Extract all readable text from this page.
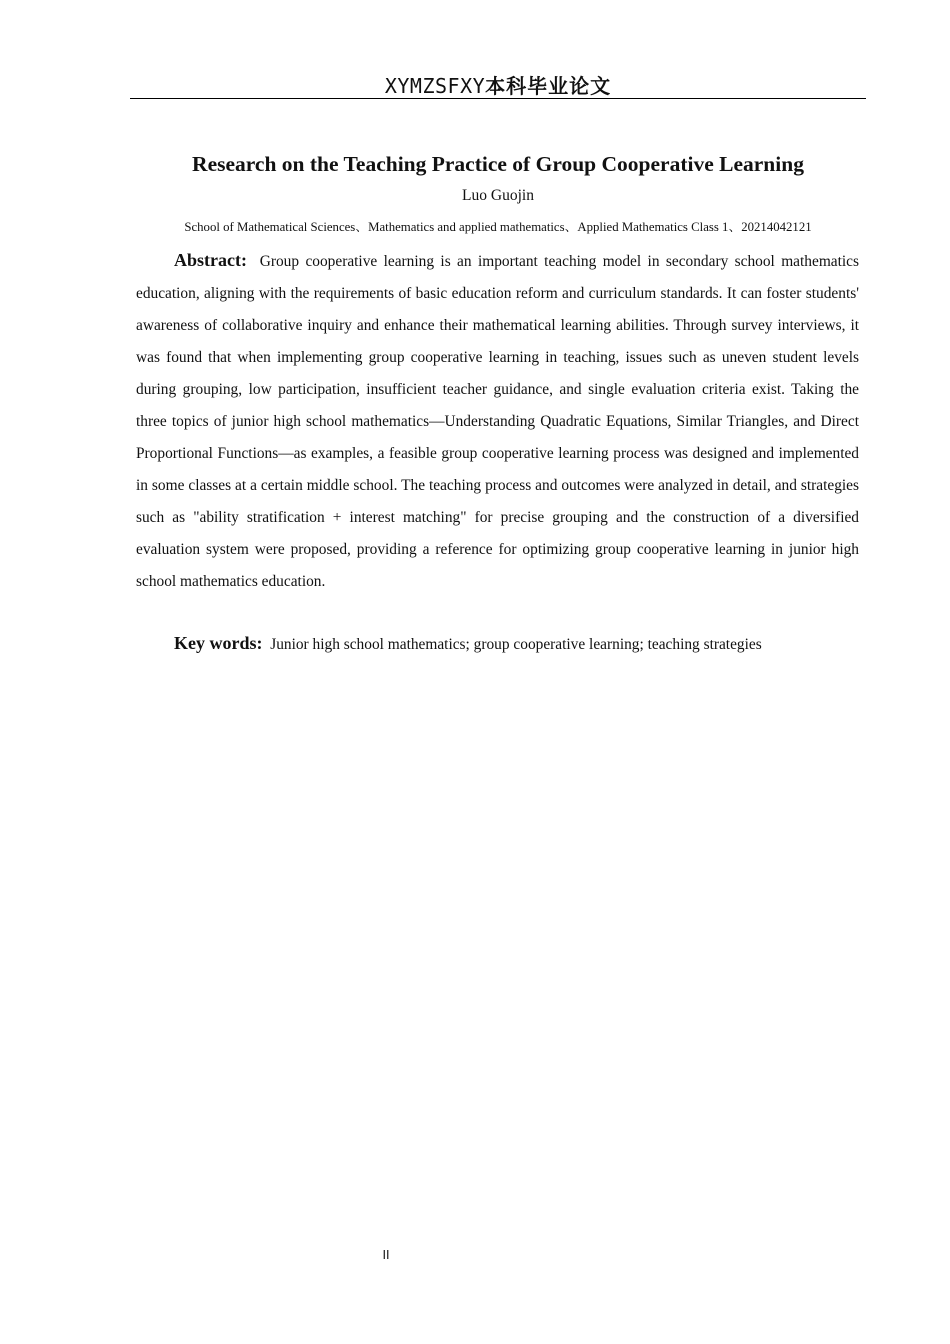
XYMZSFXY本科毕业论文
Research on the Teaching Practice of Group Cooperative Learning
Luo Guojin
School of Mathematical Sciences、Mathematics and applied mathematics、Applied Mathematics Class 1、20214042121

Abstract: Group cooperative learning is an important teaching model in secondary school mathematics education, aligning with the requirements of basic education reform and curriculum standards. It can foster students' awareness of collaborative inquiry and enhance their mathematical learning abilities. Through survey interviews, it was found that when implementing group cooperative learning in teaching, issues such as uneven student levels during grouping, low participation, insufficient teacher guidance, and single evaluation criteria exist. Taking the three topics of junior high school mathematics—Understanding Quadratic Equations, Similar Triangles, and Direct Proportional Functions—as examples, a feasible group cooperative learning process was designed and implemented in some classes at a certain middle school. The teaching process and outcomes were analyzed in detail, and strategies such as "ability stratification + interest matching" for precise grouping and the construction of a diversified evaluation system were proposed, providing a reference for optimizing group cooperative learning in junior high school mathematics education.

Key words: Junior high school mathematics; group cooperative learning; teaching strategies

II
